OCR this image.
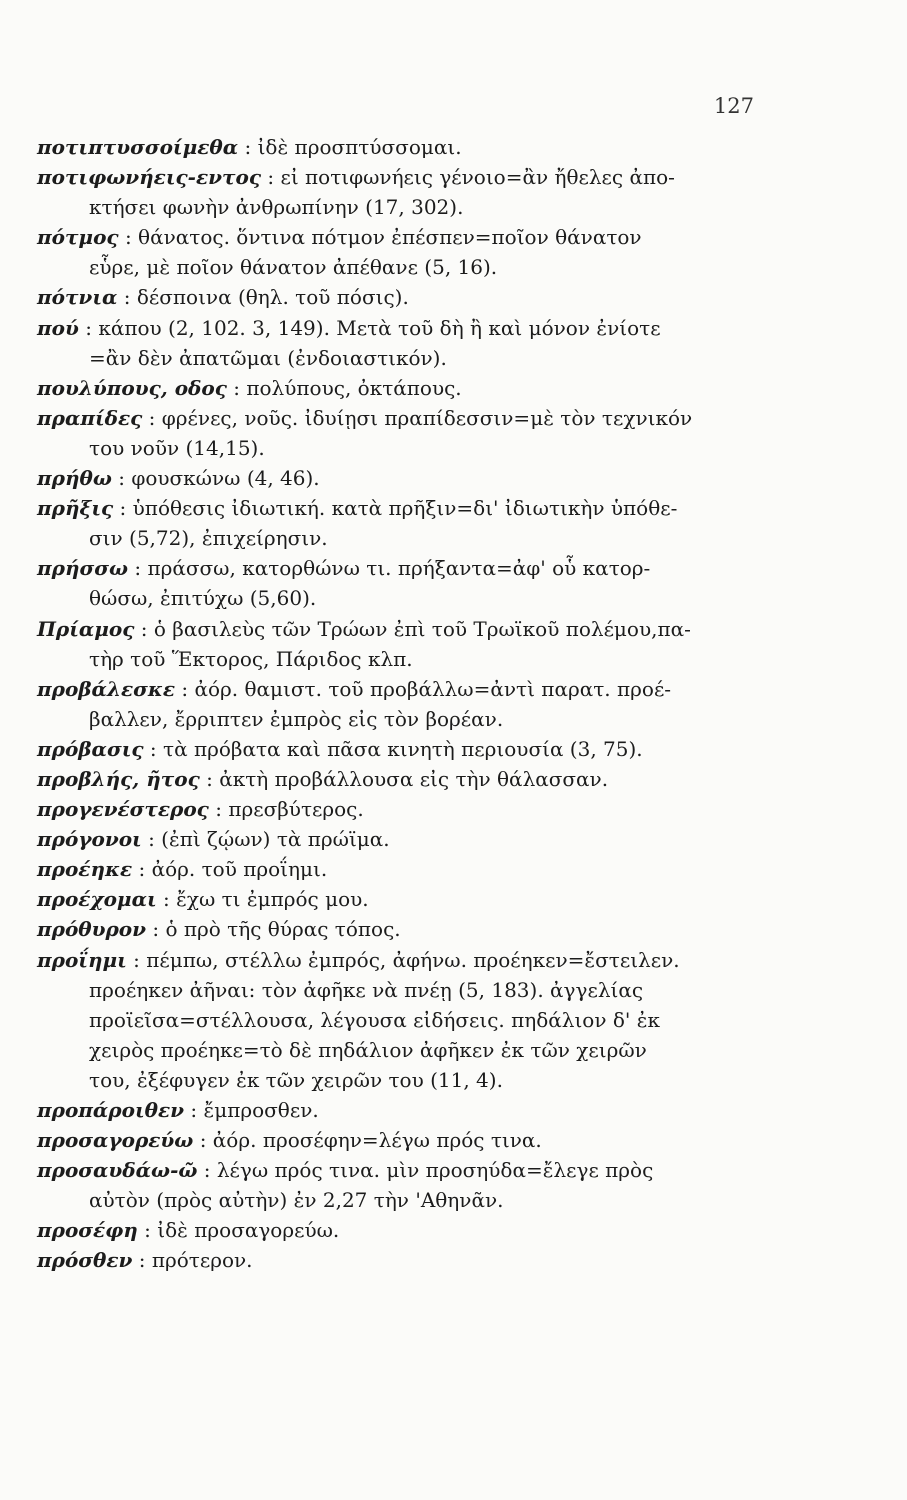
127
ποτιπτυσσοίμεθα : ἰδὲ προσπτύσσομαι.
ποτιφωνήεις-εντος : εἰ ποτιφωνήεις γένοιο=ἂν ἤθελες ἀπο-
κτήσει φωνὴν ἀνθρωπίνην (17, 302).
πότμος : θάνατος. ὅντινα πότμον ἐπέσπεν=ποῖον θάνατον
εὗρε, μὲ ποῖον θάνατον ἀπέθανε (5, 16).
πότνια : δέσποινα (θηλ. τοῦ πόσις).
πού : κάπου (2, 102. 3, 149). Μετὰ τοῦ δὴ ἢ καὶ μόνον ἐνίοτε
=ἂν δὲν ἀπατῶμαι (ἐνδοιαστικόν).
πουλύπους, οδος : πολύπους, ὀκτάπους.
πραπίδες : φρένες, νοῦς. ἰδυίῃσι πραπίδεσσιν=μὲ τὸν τεχνικόν
του νοῦν (14,15).
πρήθω : φουσκώνω (4, 46).
πρῆξις : ὑπόθεσις ἰδιωτική. κατὰ πρῆξιν=δι' ἰδιωτικὴν ὑπόθε-
σιν (5,72), ἐπιχείρησιν.
πρήσσω : πράσσω, κατορθώνω τι. πρήξαντα=ἀφ' οὗ κατορ-
θώσω, ἐπιτύχω (5,60).
Πρίαμος : ὁ βασιλεὺς τῶν Τρώων ἐπὶ τοῦ Τρωϊκοῦ πολέμου,πα-
τὴρ τοῦ Ἕκτορος, Πάριδος κλπ.
προβάλεσκε : ἀόρ. θαμιστ. τοῦ προβάλλω=ἀντὶ παρατ. προέ-
βαλλεν, ἔρριπτεν ἐμπρὸς εἰς τὸν βορέαν.
πρόβασις : τὰ πρόβατα καὶ πᾶσα κινητὴ περιουσία (3, 75).
προβλής, ῆτος : ἀκτὴ προβάλλουσα εἰς τὴν θάλασσαν.
προγενέστερος : πρεσβύτερος.
πρόγονοι : (ἐπὶ ζῴων) τὰ πρώϊμα.
προέηκε : ἀόρ. τοῦ προΐημι.
προέχομαι : ἔχω τι ἐμπρός μου.
πρόθυρον : ὁ πρὸ τῆς θύρας τόπος.
προΐημι : πέμπω, στέλλω ἐμπρός, ἀφήνω. προέηκεν=ἔστειλεν.
προέηκεν ἀῆναι: τὸν ἀφῆκε νὰ πνέῃ (5, 183). ἀγγελίας
προϊεῖσα=στέλλουσα, λέγουσα εἰδήσεις. πηδάλιον δ' ἐκ
χειρὸς προέηκε=τὸ δὲ πηδάλιον ἀφῆκεν ἐκ τῶν χειρῶν
του, ἐξέφυγεν ἐκ τῶν χειρῶν του (11, 4).
προπάροιθεν : ἔμπροσθεν.
προσαγορεύω : ἀόρ. προσέφην=λέγω πρός τινα.
προσαυδάω-ῶ : λέγω πρός τινα. μὶν προσηύδα=ἔλεγε πρὸς
αὐτὸν (πρὸς αὐτὴν) ἐν 2,27 τὴν 'Αθηνᾶν.
προσέφη : ἰδὲ προσαγορεύω.
πρόσθεν : πρότερον.
